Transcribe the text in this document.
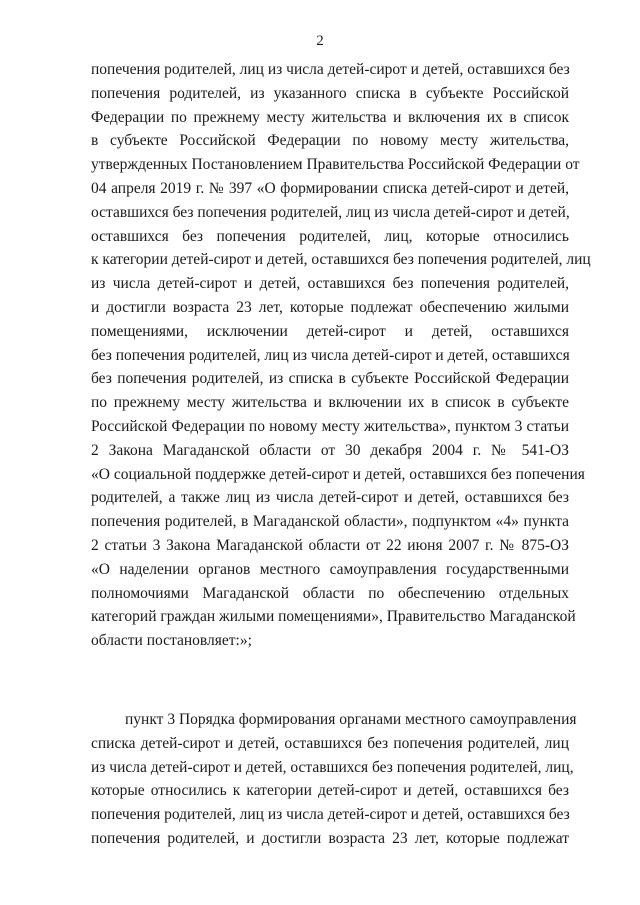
2
попечения родителей, лиц из числа детей-сирот и детей, оставшихся без
попечения родителей, из указанного списка в субъекте Российской
Федерации по прежнему месту жительства и включения их в список
в субъекте Российской Федерации по новому месту жительства,
утвержденных Постановлением Правительства Российской Федерации от
04 апреля 2019 г. № 397 «О формировании списка детей-сирот и детей,
оставшихся без попечения родителей, лиц из числа детей-сирот и детей,
оставшихся без попечения родителей, лиц, которые относились
к категории детей-сирот и детей, оставшихся без попечения родителей, лиц
из числа детей-сирот и детей, оставшихся без попечения родителей,
и достигли возраста 23 лет, которые подлежат обеспечению жилыми
помещениями, исключении детей-сирот и детей, оставшихся
без попечения родителей, лиц из числа детей-сирот и детей, оставшихся
без попечения родителей, из списка в субъекте Российской Федерации
по прежнему месту жительства и включении их в список в субъекте
Российской Федерации по новому месту жительства», пунктом 3 статьи
2 Закона Магаданской области от 30 декабря 2004 г. № 541-ОЗ
«О социальной поддержке детей-сирот и детей, оставшихся без попечения
родителей, а также лиц из числа детей-сирот и детей, оставшихся без
попечения родителей, в Магаданской области», подпунктом «4» пункта
2 статьи 3 Закона Магаданской области от 22 июня 2007 г. № 875-ОЗ
«О наделении органов местного самоуправления государственными
полномочиями Магаданской области по обеспечению отдельных
категорий граждан жилыми помещениями», Правительство Магаданской
области постановляет:»;
пункт 3 Порядка формирования органами местного самоуправления
списка детей-сирот и детей, оставшихся без попечения родителей, лиц
из числа детей-сирот и детей, оставшихся без попечения родителей, лиц,
которые относились к категории детей-сирот и детей, оставшихся без
попечения родителей, лиц из числа детей-сирот и детей, оставшихся без
попечения родителей, и достигли возраста 23 лет, которые подлежат
